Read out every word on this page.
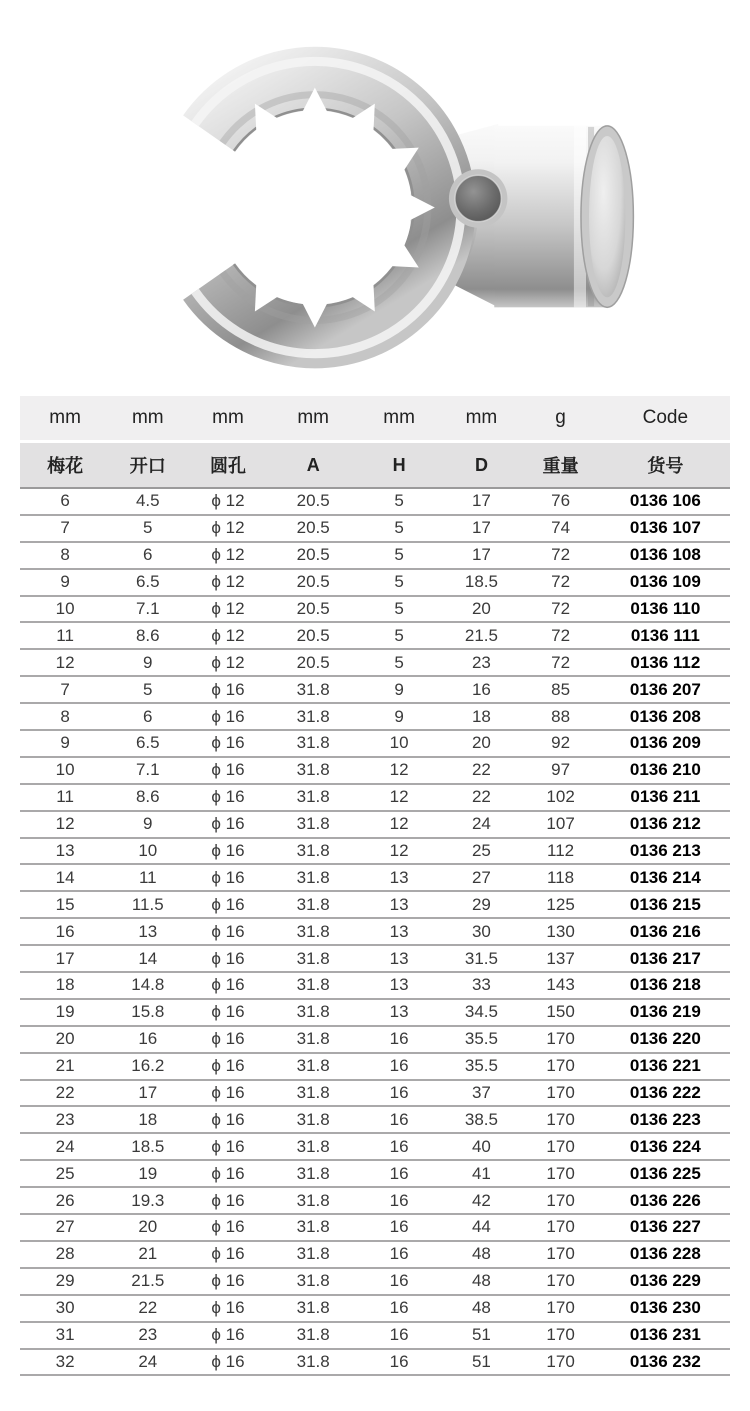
mm	mm	mm	mm	mm	mm	g	Code
梅花	开口	圆孔	A	H	D	重量	货号
6	4.5	ϕ 12	20.5	5	17	76	0136 106
7	5	ϕ 12	20.5	5	17	74	0136 107
8	6	ϕ 12	20.5	5	17	72	0136 108
9	6.5	ϕ 12	20.5	5	18.5	72	0136 109
10	7.1	ϕ 12	20.5	5	20	72	0136 110
11	8.6	ϕ 12	20.5	5	21.5	72	0136 111
12	9	ϕ 12	20.5	5	23	72	0136 112
7	5	ϕ 16	31.8	9	16	85	0136 207
8	6	ϕ 16	31.8	9	18	88	0136 208
9	6.5	ϕ 16	31.8	10	20	92	0136 209
10	7.1	ϕ 16	31.8	12	22	97	0136 210
11	8.6	ϕ 16	31.8	12	22	102	0136 211
12	9	ϕ 16	31.8	12	24	107	0136 212
13	10	ϕ 16	31.8	12	25	112	0136 213
14	11	ϕ 16	31.8	13	27	118	0136 214
15	11.5	ϕ 16	31.8	13	29	125	0136 215
16	13	ϕ 16	31.8	13	30	130	0136 216
17	14	ϕ 16	31.8	13	31.5	137	0136 217
18	14.8	ϕ 16	31.8	13	33	143	0136 218
19	15.8	ϕ 16	31.8	13	34.5	150	0136 219
20	16	ϕ 16	31.8	16	35.5	170	0136 220
21	16.2	ϕ 16	31.8	16	35.5	170	0136 221
22	17	ϕ 16	31.8	16	37	170	0136 222
23	18	ϕ 16	31.8	16	38.5	170	0136 223
24	18.5	ϕ 16	31.8	16	40	170	0136 224
25	19	ϕ 16	31.8	16	41	170	0136 225
26	19.3	ϕ 16	31.8	16	42	170	0136 226
27	20	ϕ 16	31.8	16	44	170	0136 227
28	21	ϕ 16	31.8	16	48	170	0136 228
29	21.5	ϕ 16	31.8	16	48	170	0136 229
30	22	ϕ 16	31.8	16	48	170	0136 230
31	23	ϕ 16	31.8	16	51	170	0136 231
32	24	ϕ 16	31.8	16	51	170	0136 232
